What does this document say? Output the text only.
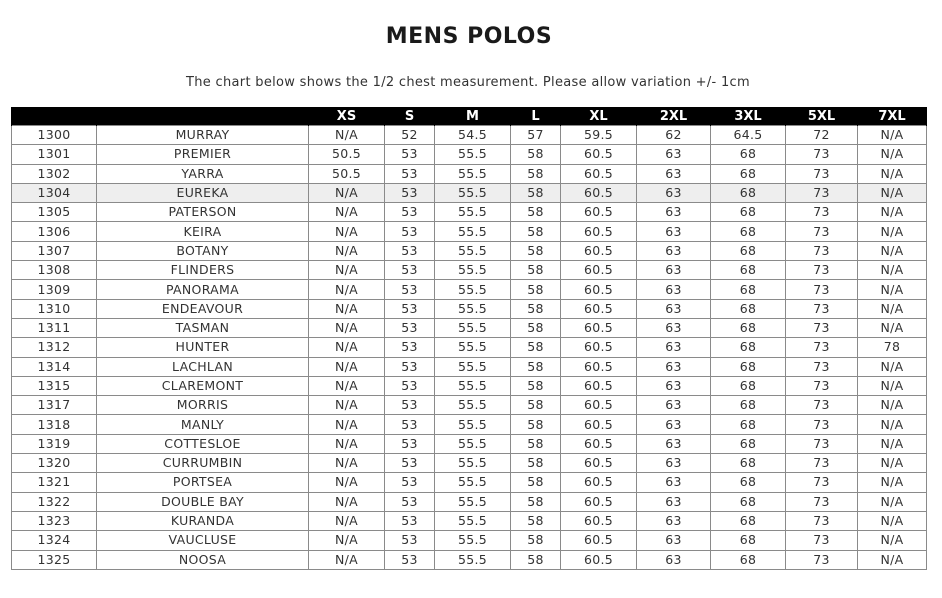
MENS POLOS
The chart below shows the 1/2 chest measurement. Please allow variation +/- 1cm
		XS	S	M	L	XL	2XL	3XL	5XL	7XL
1300	MURRAY	N/A	52	54.5	57	59.5	62	64.5	72	N/A
1301	PREMIER	50.5	53	55.5	58	60.5	63	68	73	N/A
1302	YARRA	50.5	53	55.5	58	60.5	63	68	73	N/A
1304	EUREKA	N/A	53	55.5	58	60.5	63	68	73	N/A
1305	PATERSON	N/A	53	55.5	58	60.5	63	68	73	N/A
1306	KEIRA	N/A	53	55.5	58	60.5	63	68	73	N/A
1307	BOTANY	N/A	53	55.5	58	60.5	63	68	73	N/A
1308	FLINDERS	N/A	53	55.5	58	60.5	63	68	73	N/A
1309	PANORAMA	N/A	53	55.5	58	60.5	63	68	73	N/A
1310	ENDEAVOUR	N/A	53	55.5	58	60.5	63	68	73	N/A
1311	TASMAN	N/A	53	55.5	58	60.5	63	68	73	N/A
1312	HUNTER	N/A	53	55.5	58	60.5	63	68	73	78
1314	LACHLAN	N/A	53	55.5	58	60.5	63	68	73	N/A
1315	CLAREMONT	N/A	53	55.5	58	60.5	63	68	73	N/A
1317	MORRIS	N/A	53	55.5	58	60.5	63	68	73	N/A
1318	MANLY	N/A	53	55.5	58	60.5	63	68	73	N/A
1319	COTTESLOE	N/A	53	55.5	58	60.5	63	68	73	N/A
1320	CURRUMBIN	N/A	53	55.5	58	60.5	63	68	73	N/A
1321	PORTSEA	N/A	53	55.5	58	60.5	63	68	73	N/A
1322	DOUBLE BAY	N/A	53	55.5	58	60.5	63	68	73	N/A
1323	KURANDA	N/A	53	55.5	58	60.5	63	68	73	N/A
1324	VAUCLUSE	N/A	53	55.5	58	60.5	63	68	73	N/A
1325	NOOSA	N/A	53	55.5	58	60.5	63	68	73	N/A
